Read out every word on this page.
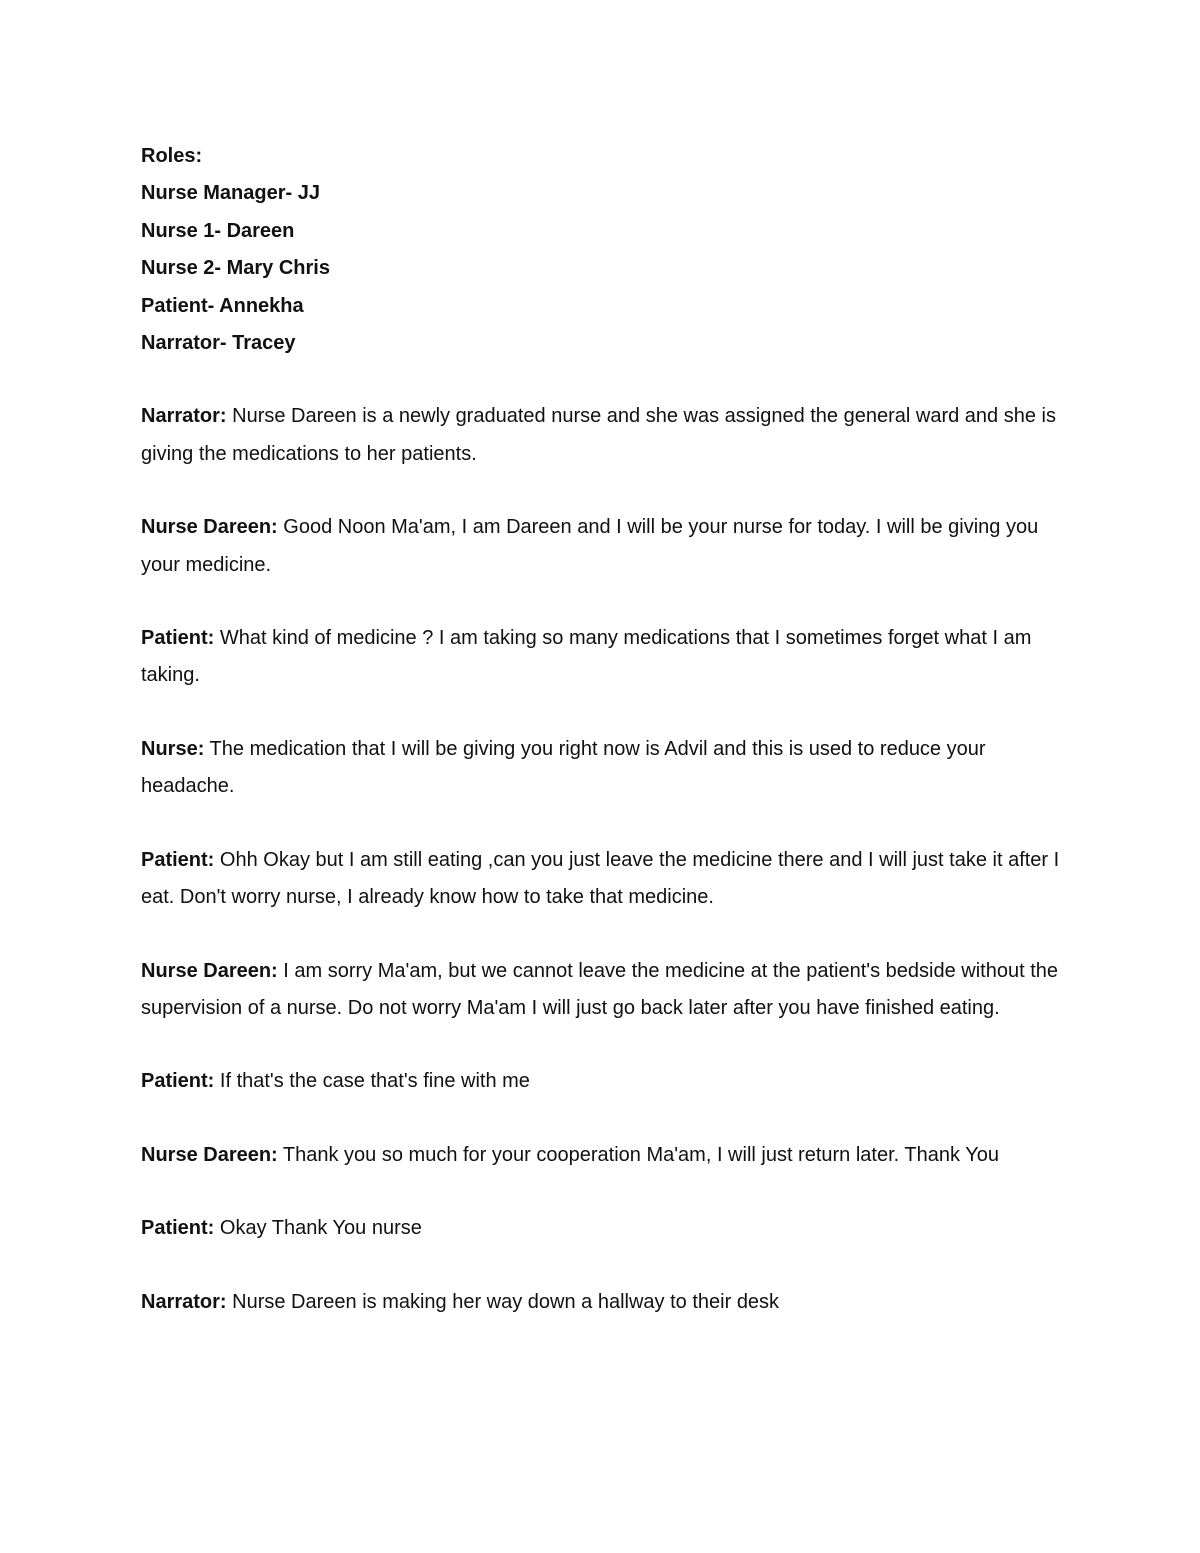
Roles:
Nurse Manager- JJ
Nurse 1- Dareen
Nurse 2- Mary Chris
Patient- Annekha
Narrator- Tracey

Narrator: Nurse Dareen is a newly graduated nurse and she was assigned the general ward and she is giving the medications to her patients.

Nurse Dareen: Good Noon Ma'am, I am Dareen and I will be your nurse for today. I will be giving you your medicine.

Patient: What kind of medicine ? I am taking so many medications that I sometimes forget what I am taking.

Nurse: The medication that I will be giving you right now is Advil and this is used to reduce your headache.

Patient: Ohh Okay but I am still eating ,can you just leave the medicine there and I will just take it after I eat. Don't worry nurse, I already know how to take that medicine.

Nurse Dareen: I am sorry Ma'am, but we cannot leave the medicine at the patient's bedside without the supervision of a nurse. Do not worry Ma'am I will just go back later after you have finished eating.

Patient: If that's the case that's fine with me

Nurse Dareen: Thank you so much for your cooperation Ma'am, I will just return later. Thank You

Patient: Okay Thank You nurse

Narrator: Nurse Dareen is making her way down a hallway to their desk
